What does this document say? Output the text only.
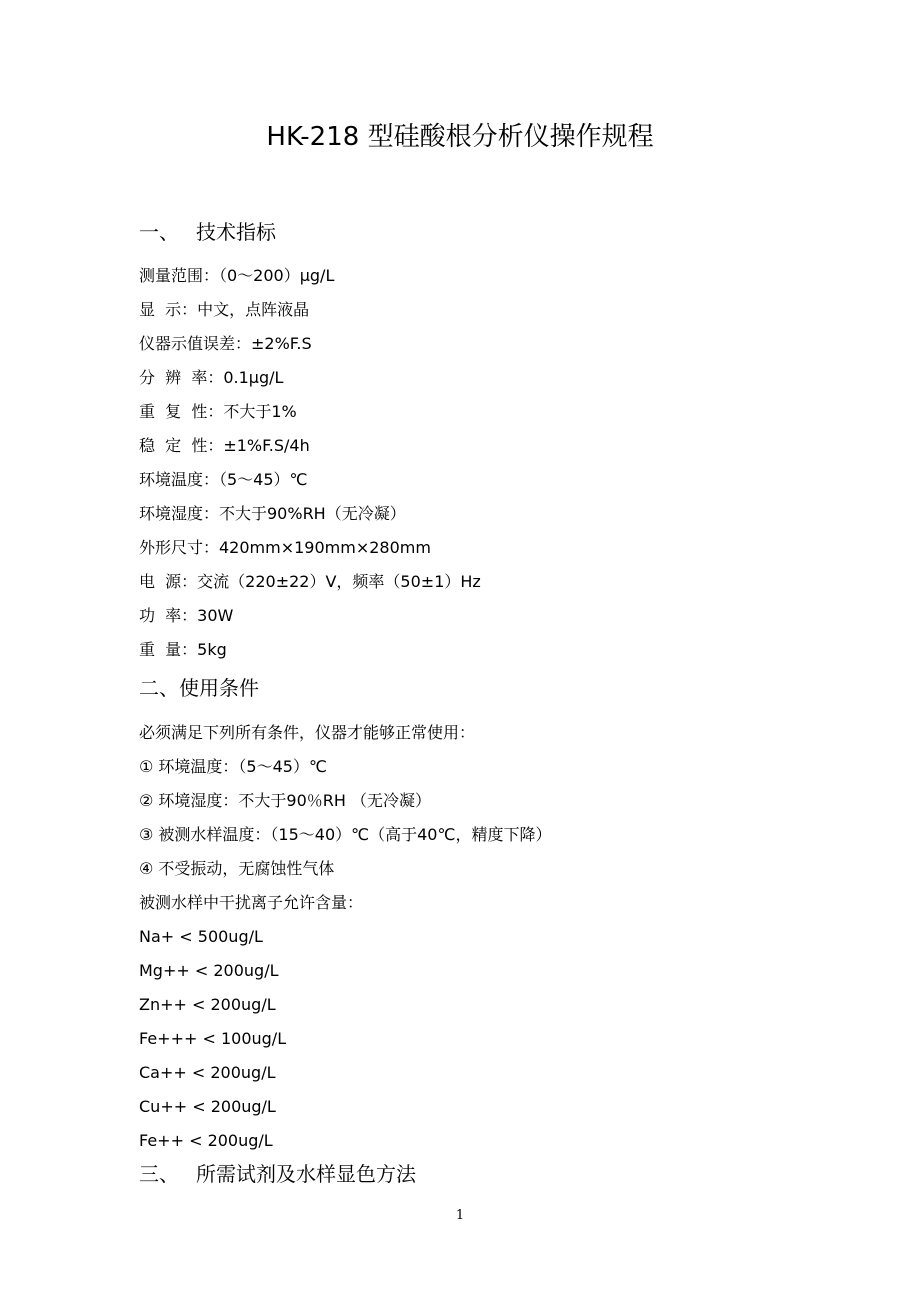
HK-218 型硅酸根分析仪操作规程
一、 技术指标
测量范围：（0～200）μg/L
显  示：中文，点阵液晶
仪器示值误差：±2%F.S
分  辨  率：0.1μg/L
重  复  性：不大于1%
稳  定  性：±1%F.S/4h
环境温度：（5～45）℃
环境湿度：不大于90%RH（无冷凝）
外形尺寸：420mm×190mm×280mm
电  源：交流（220±22）V，频率（50±1）Hz
功  率：30W
重  量：5kg
二、使用条件
必须满足下列所有条件，仪器才能够正常使用：
① 环境温度：（5～45）℃
② 环境湿度：不大于90％RH （无冷凝）
③ 被测水样温度：（15～40）℃（高于40℃，精度下降）
④ 不受振动，无腐蚀性气体
被测水样中干扰离子允许含量：
Na+ < 500ug/L
Mg++ < 200ug/L
Zn++ < 200ug/L
Fe+++ < 100ug/L
Ca++ < 200ug/L
Cu++ < 200ug/L
Fe++ < 200ug/L
三、 所需试剂及水样显色方法
1
